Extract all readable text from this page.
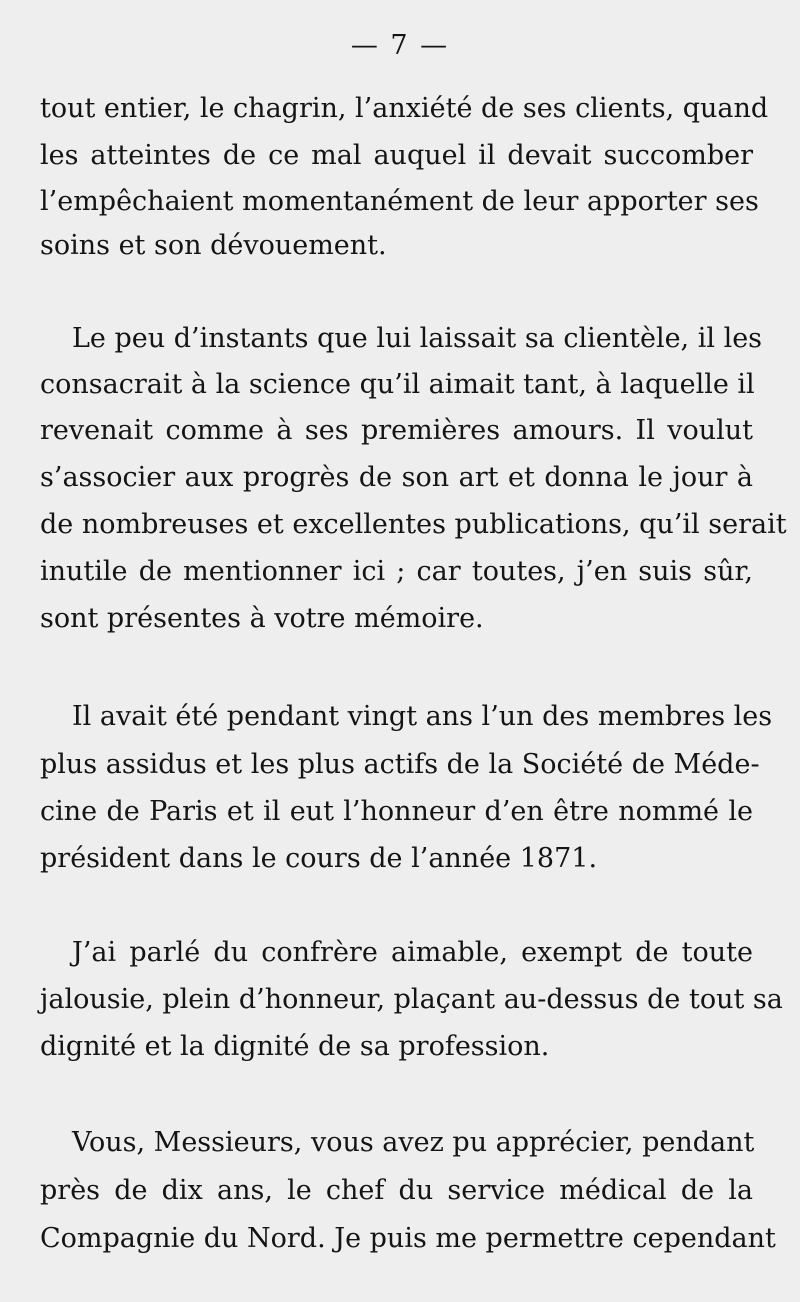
— 7 —
tout entier, le chagrin, l’anxiété de ses clients, quand
les atteintes de ce mal auquel il devait succomber
l’empêchaient momentanément de leur apporter ses
soins et son dévouement.
Le peu d’instants que lui laissait sa clientèle, il les
consacrait à la science qu’il aimait tant, à laquelle il
revenait comme à ses premières amours. Il voulut
s’associer aux progrès de son art et donna le jour à
de nombreuses et excellentes publications, qu’il serait
inutile de mentionner ici ; car toutes, j’en suis sûr,
sont présentes à votre mémoire.
Il avait été pendant vingt ans l’un des membres les
plus assidus et les plus actifs de la Société de Méde-
cine de Paris et il eut l’honneur d’en être nommé le
président dans le cours de l’année 1871.
J’ai parlé du confrère aimable, exempt de toute
jalousie, plein d’honneur, plaçant au-dessus de tout sa
dignité et la dignité de sa profession.
Vous, Messieurs, vous avez pu apprécier, pendant
près de dix ans, le chef du service médical de la
Compagnie du Nord. Je puis me permettre cependant
